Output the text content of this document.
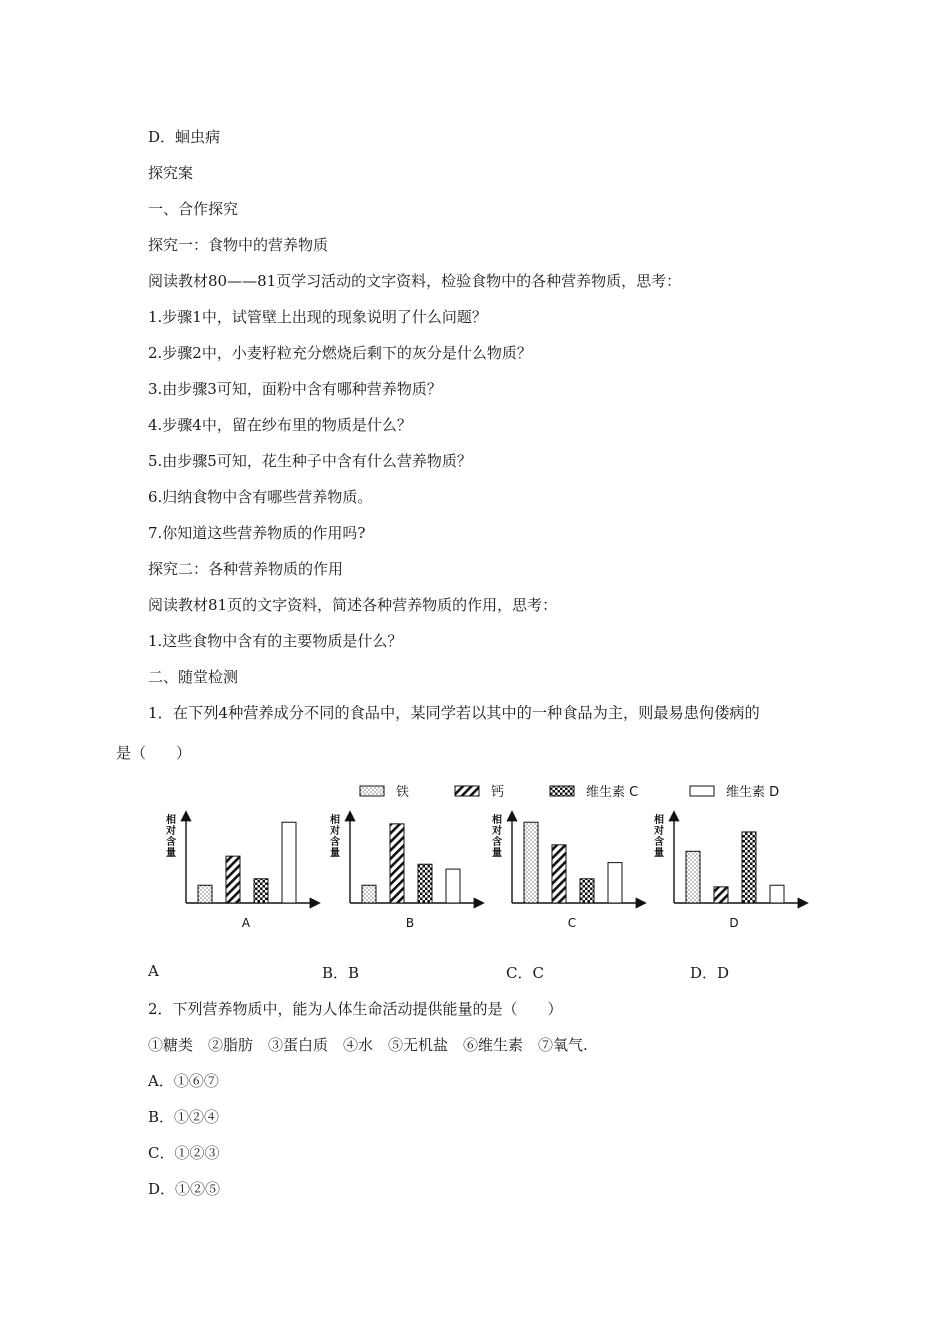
D．蛔虫病
探究案
一、合作探究
探究一：食物中的营养物质
阅读教材80——81页学习活动的文字资料，检验食物中的各种营养物质，思考：
1.步骤1中，试管壁上出现的现象说明了什么问题？
2.步骤2中，小麦籽粒充分燃烧后剩下的灰分是什么物质？
3.由步骤3可知，面粉中含有哪种营养物质？
4.步骤4中，留在纱布里的物质是什么？
5.由步骤5可知，花生种子中含有什么营养物质？
6.归纳食物中含有哪些营养物质。
7.你知道这些营养物质的作用吗?
探究二：各种营养物质的作用
阅读教材81页的文字资料，简述各种营养物质的作用，思考：
1.这些食物中含有的主要物质是什么？
二、随堂检测
1．在下列4种营养成分不同的食品中，某同学若以其中的一种食品为主，则最易患佝偻病的
是（　　）
铁	钙	维生素 C	维生素 D
相
对
含
量
A
相
对
含
量
B
相
对
含
量
C
相
对
含
量
D
A	B．B	C．C	D．D
2．下列营养物质中，能为人体生命活动提供能量的是（　　）
①糖类　②脂肪　③蛋白质　④水　⑤无机盐　⑥维生素　⑦氧气.
A．①⑥⑦
B．①②④
C．①②③
D．①②⑤
